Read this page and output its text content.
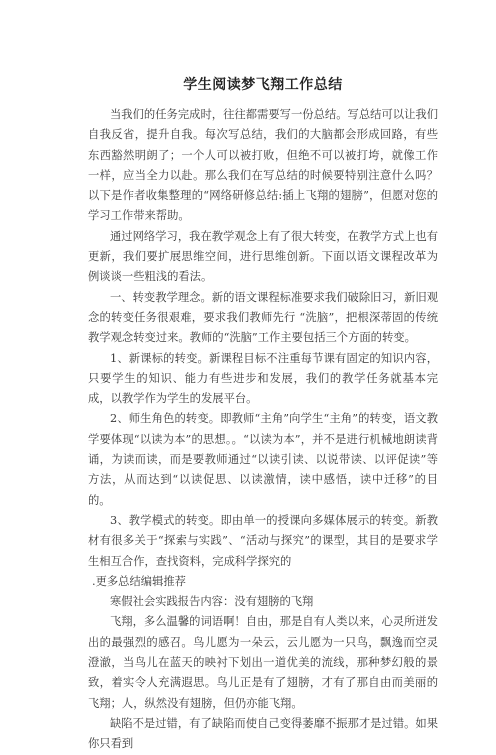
学生阅读梦飞翔工作总结

当我们的任务完成时，往往都需要写一份总结。写总结可以让我们自我反省，提升自我。每次写总结，我们的大脑都会形成回路，有些东西豁然明朗了；一个人可以被打败，但绝不可以被打垮，就像工作一样，应当全力以赴。那么我们在写总结的时候要特别注意什么吗？以下是作者收集整理的“网络研修总结:插上飞翔的翅膀”，但愿对您的学习工作带来帮助。

通过网络学习，我在教学观念上有了很大转变，在教学方式上也有更新，我们要扩展思维空间，进行思维创新。下面以语文课程改革为例谈谈一些粗浅的看法。

一、转变教学理念。新的语文课程标准要求我们破除旧习，新旧观念的转变任务很艰难，要求我们教师先行 “洗脑”，把根深蒂固的传统教学观念转变过来。教师的“洗脑”工作主要包括三个方面的转变。

1、新课标的转变。新课程目标不注重每节课有固定的知识内容，只要学生的知识、能力有些进步和发展，我们的教学任务就基本完成，以教学作为学生的发展平台。

2、师生角色的转变。即教师“主角”向学生“主角”的转变，语文教学要体现“以读为本”的思想。。“以读为本”，并不是进行机械地朗读背诵，为读而读，而是要教师通过“以读引读、以说带读、以评促读”等方法，从而达到“以读促思、以读激情，读中感悟，读中迁移”的目的。

3、教学模式的转变。即由单一的授课向多媒体展示的转变。新教材有很多关于“探索与实践”、“活动与探究”的课型，其目的是要求学生相互合作，查找资料，完成科学探究的

.更多总结编辑推荐

寒假社会实践报告内容：没有翅膀的飞翔

飞翔，多么温馨的词语啊！自由，那是自有人类以来，心灵所迸发出的最强烈的感召。鸟儿愿为一朵云，云儿愿为一只鸟，飘逸而空灵澄澈，当鸟儿在蓝天的映衬下划出一道优美的流线，那种梦幻般的景致，着实令人充满遐思。鸟儿正是有了翅膀，才有了那自由而美丽的飞翔；人，纵然没有翅膀，但仍亦能飞翔。

缺陷不是过错，有了缺陷而使自己变得萎靡不振那才是过错。如果你只看到
